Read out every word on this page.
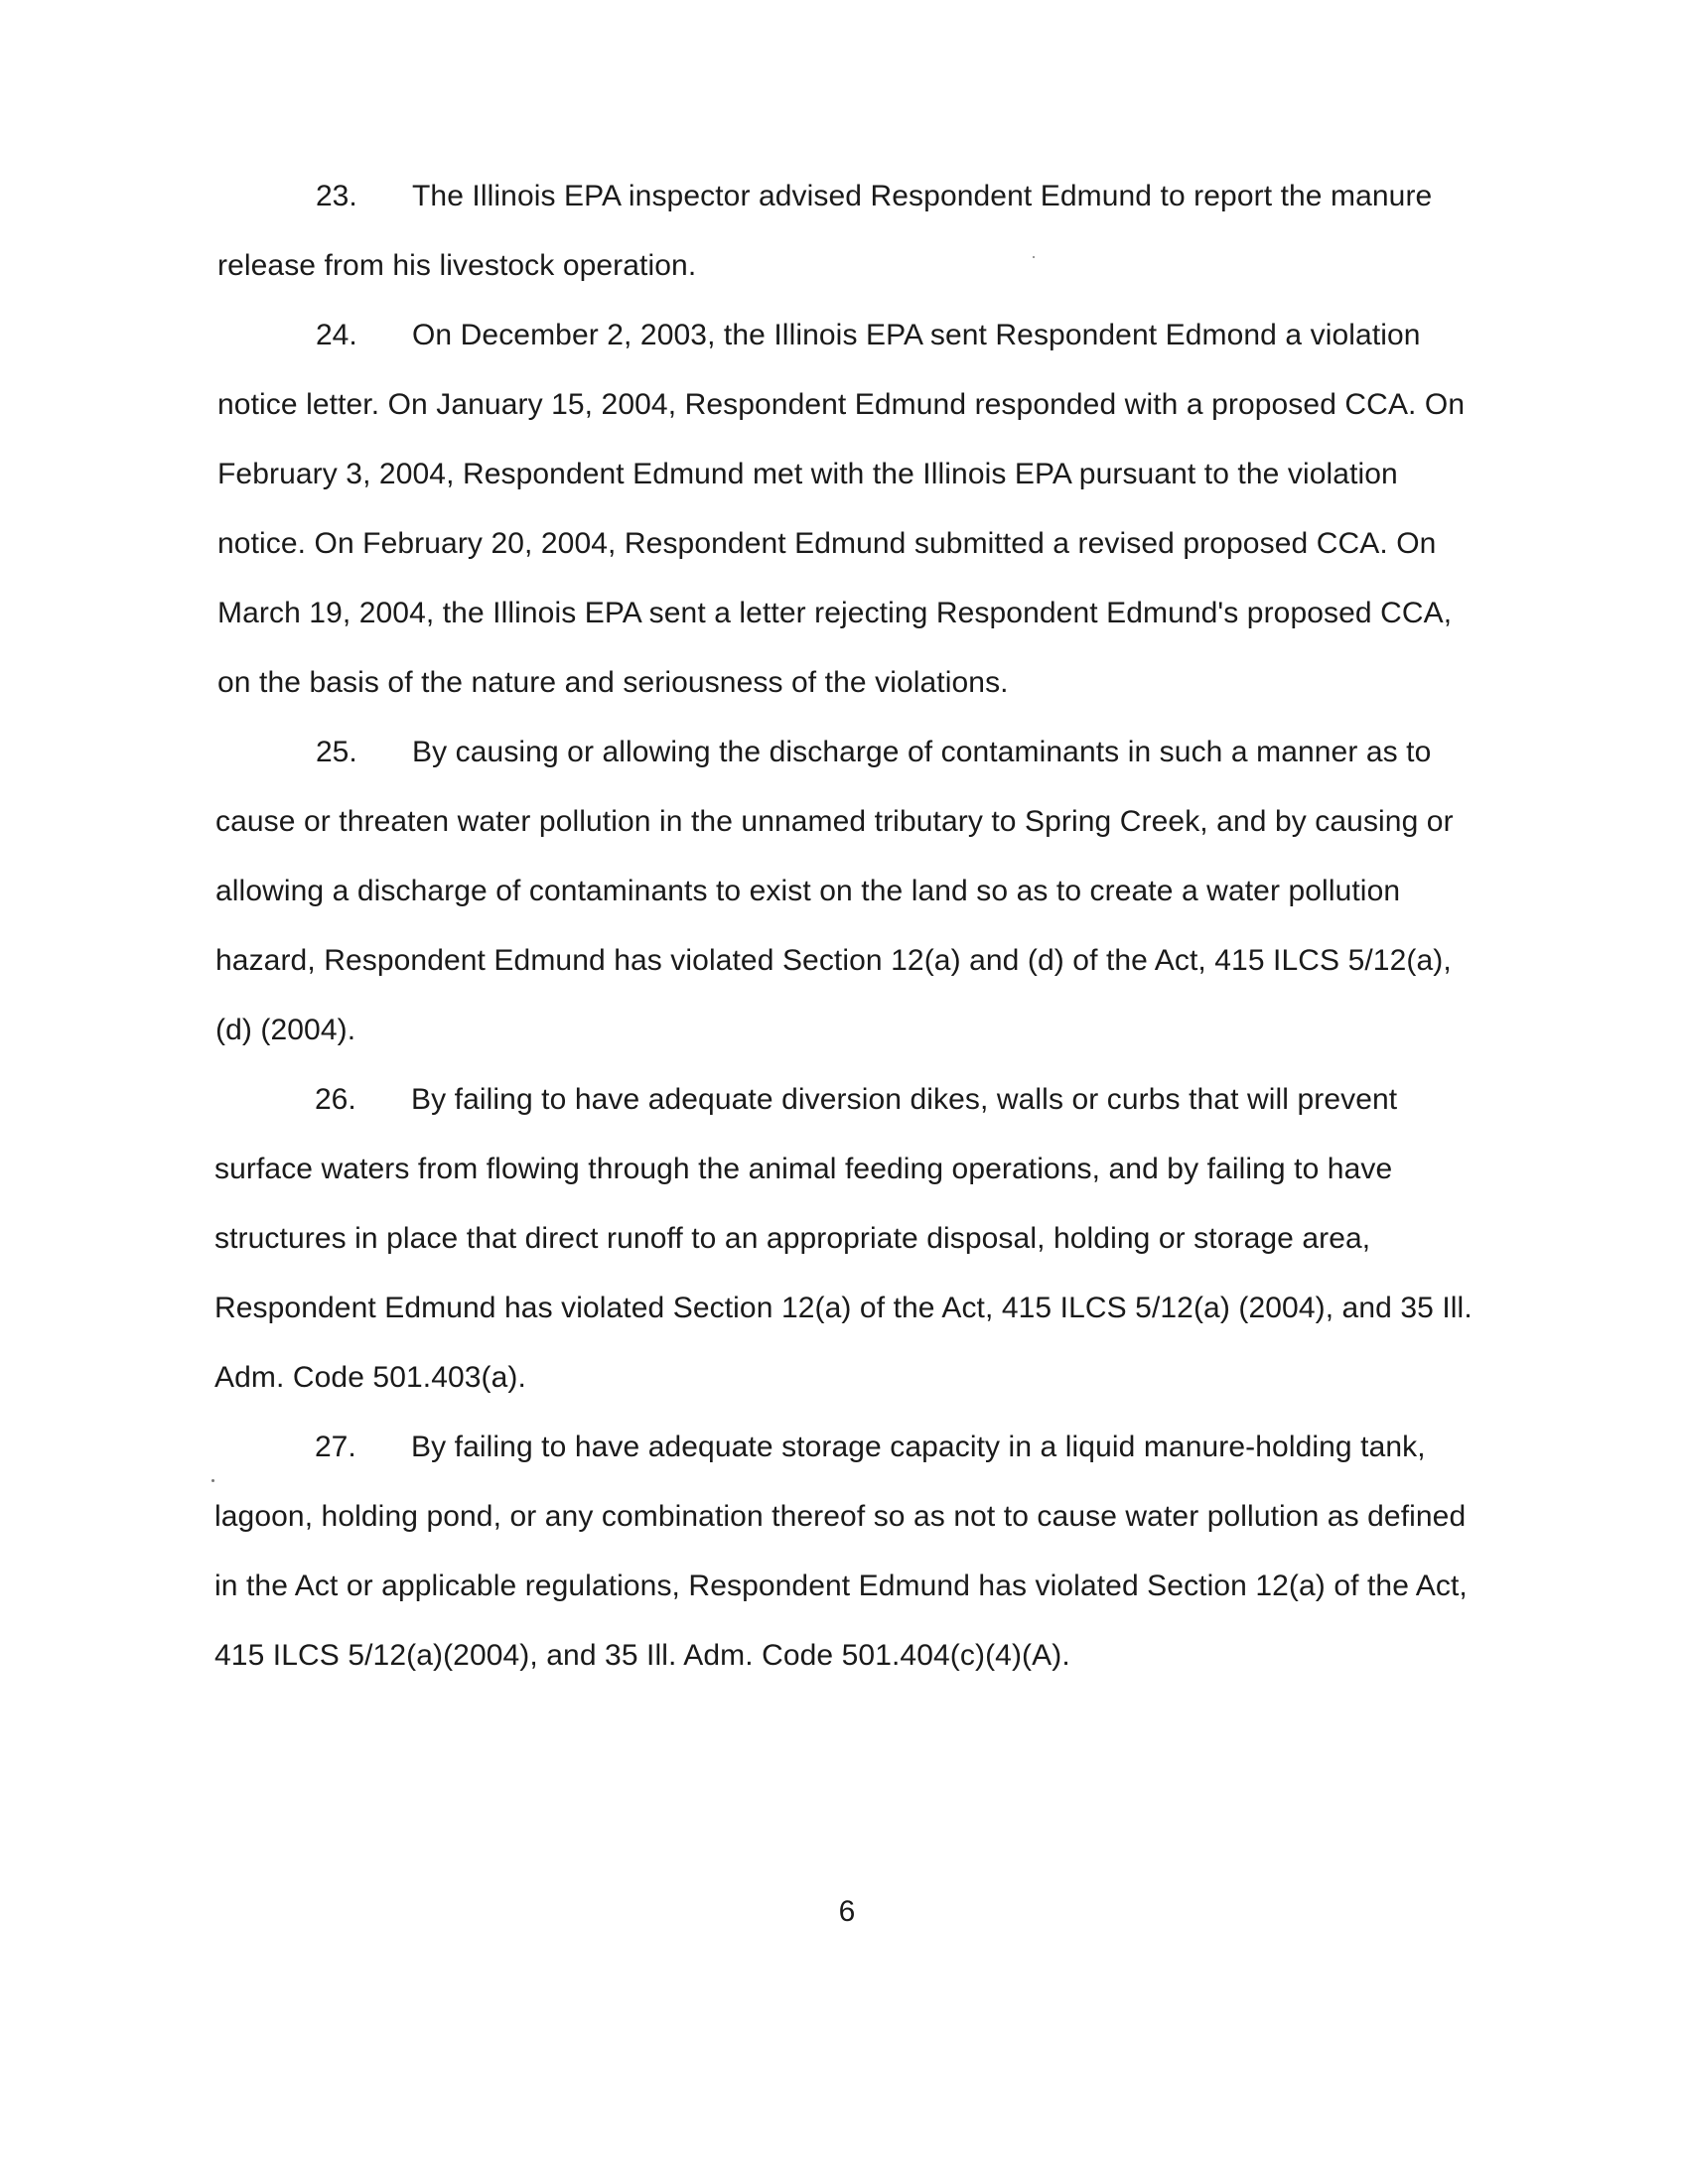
23. The Illinois EPA inspector advised Respondent Edmund to report the manure
release from his livestock operation.
24. On December 2, 2003, the Illinois EPA sent Respondent Edmond a violation
notice letter. On January 15, 2004, Respondent Edmund responded with a proposed CCA. On
February 3, 2004, Respondent Edmund met with the Illinois EPA pursuant to the violation
notice. On February 20, 2004, Respondent Edmund submitted a revised proposed CCA. On
March 19, 2004, the Illinois EPA sent a letter rejecting Respondent Edmund's proposed CCA,
on the basis of the nature and seriousness of the violations.
25. By causing or allowing the discharge of contaminants in such a manner as to
cause or threaten water pollution in the unnamed tributary to Spring Creek, and by causing or
allowing a discharge of contaminants to exist on the land so as to create a water pollution
hazard, Respondent Edmund has violated Section 12(a) and (d) of the Act, 415 ILCS 5/12(a),
(d) (2004).
26. By failing to have adequate diversion dikes, walls or curbs that will prevent
surface waters from flowing through the animal feeding operations, and by failing to have
structures in place that direct runoff to an appropriate disposal, holding or storage area,
Respondent Edmund has violated Section 12(a) of the Act, 415 ILCS 5/12(a) (2004), and 35 Ill.
Adm. Code 501.403(a).
27. By failing to have adequate storage capacity in a liquid manure-holding tank,
lagoon, holding pond, or any combination thereof so as not to cause water pollution as defined
in the Act or applicable regulations, Respondent Edmund has violated Section 12(a) of the Act,
415 ILCS 5/12(a)(2004), and 35 Ill. Adm. Code 501.404(c)(4)(A).
6
